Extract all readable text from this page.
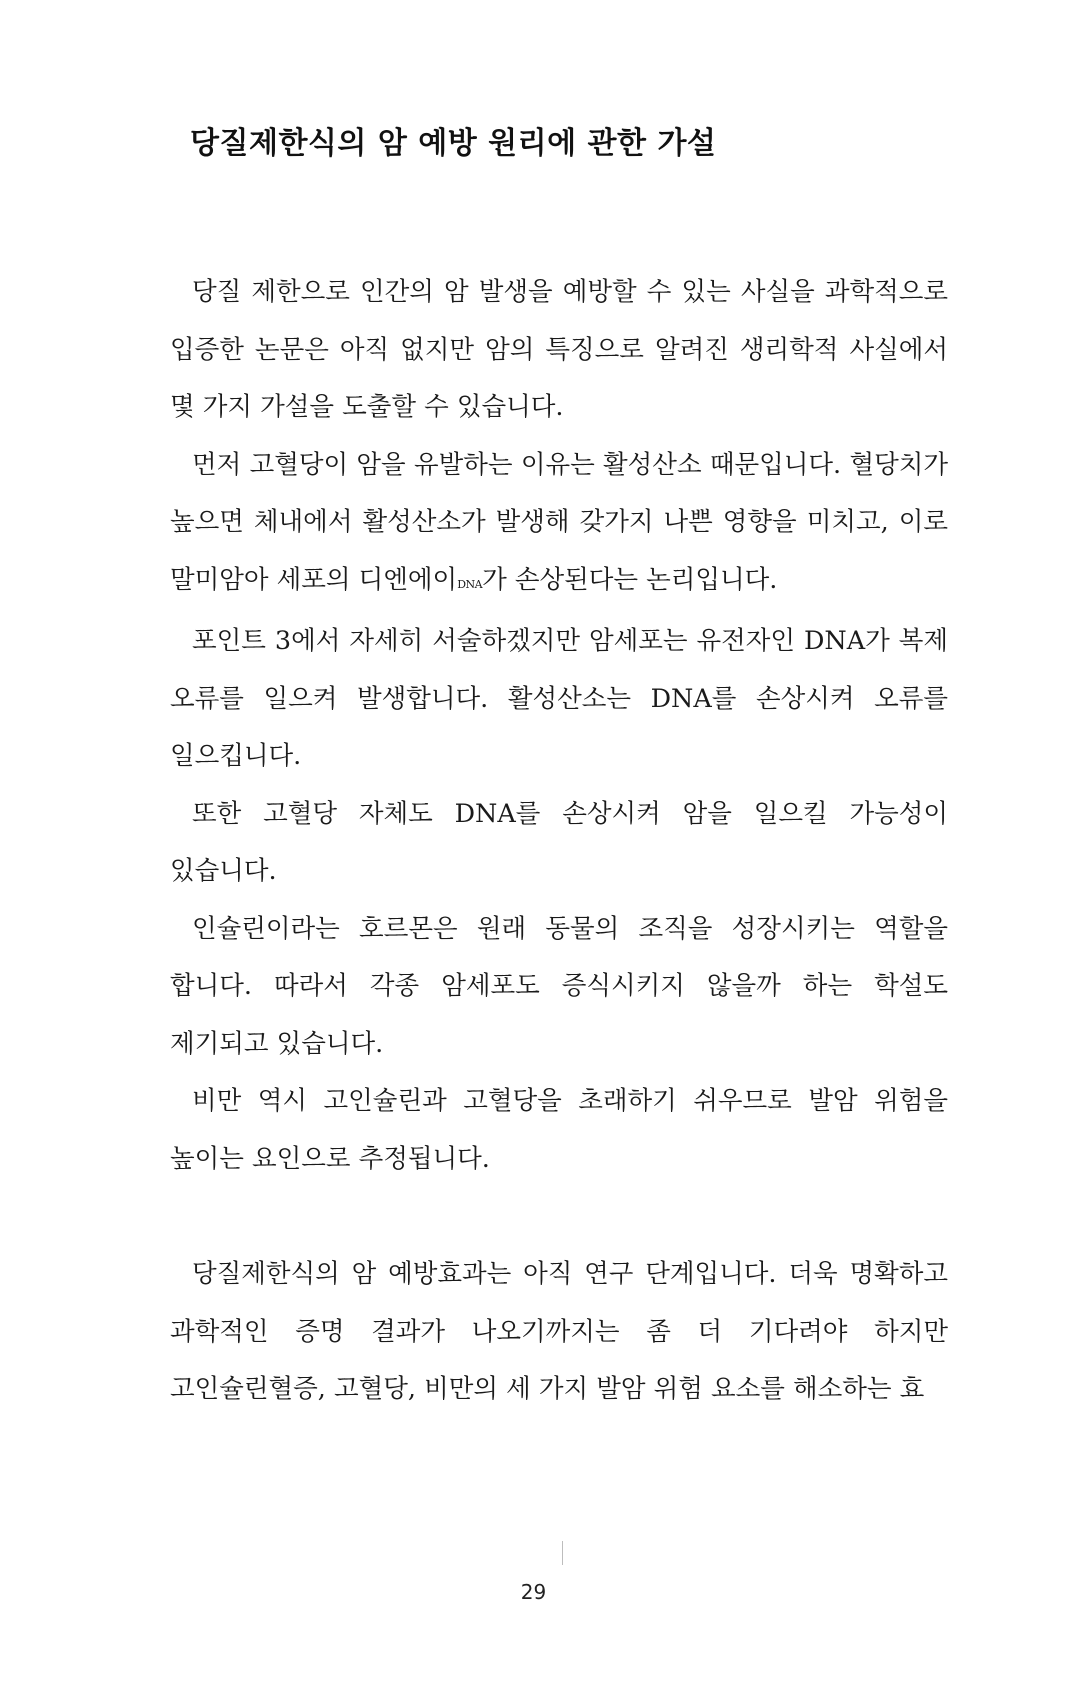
당질제한식의 암 예방 원리에 관한 가설

당질 제한으로 인간의 암 발생을 예방할 수 있는 사실을 과학적으로 입증한 논문은 아직 없지만 암의 특징으로 알려진 생리학적 사실에서 몇 가지 가설을 도출할 수 있습니다.

먼저 고혈당이 암을 유발하는 이유는 활성산소 때문입니다. 혈당치가 높으면 체내에서 활성산소가 발생해 갖가지 나쁜 영향을 미치고, 이로 말미암아 세포의 디엔에이DNA가 손상된다는 논리입니다.

포인트 3에서 자세히 서술하겠지만 암세포는 유전자인 DNA가 복제 오류를 일으켜 발생합니다. 활성산소는 DNA를 손상시켜 오류를 일으킵니다.

또한 고혈당 자체도 DNA를 손상시켜 암을 일으킬 가능성이 있습니다.

인슐린이라는 호르몬은 원래 동물의 조직을 성장시키는 역할을 합니다. 따라서 각종 암세포도 증식시키지 않을까 하는 학설도 제기되고 있습니다.

비만 역시 고인슐린과 고혈당을 초래하기 쉬우므로 발암 위험을 높이는 요인으로 추정됩니다.

당질제한식의 암 예방효과는 아직 연구 단계입니다. 더욱 명확하고 과학적인 증명 결과가 나오기까지는 좀 더 기다려야 하지만 고인슐린혈증, 고혈당, 비만의 세 가지 발암 위험 요소를 해소하는 효

29
